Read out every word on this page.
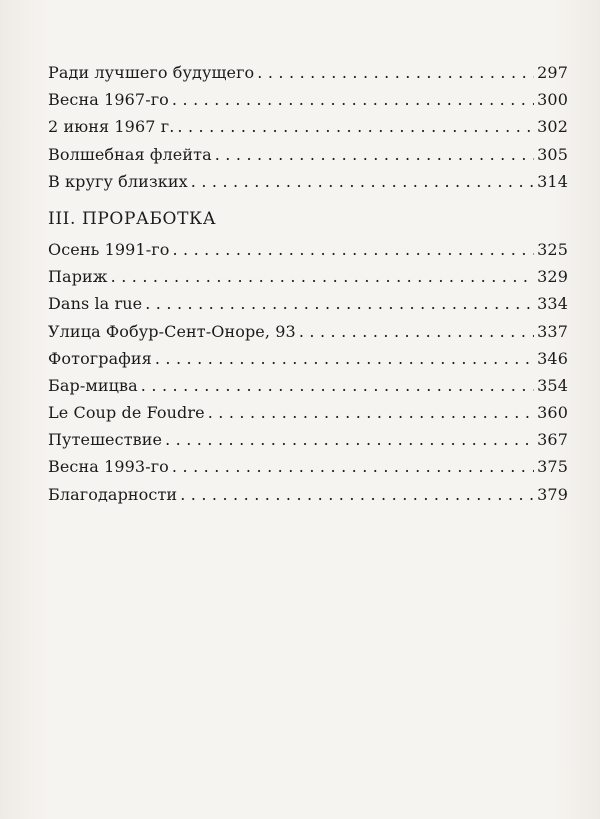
Ради лучшего будущего . . .	297
Весна 1967-го . . .	300
2 июня 1967 г. . . .	302
Волшебная флейта . . .	305
В кругу близких . . .	314
III. ПРОРАБОТКА
Осень 1991-го . . .	325
Париж . . .	329
Dans la rue . . .	334
Улица Фобур-Сент-Оноре, 93 . . .	337
Фотография . . .	346
Бар-мицва . . .	354
Le Coup de Foudre . . .	360
Путешествие . . .	367
Весна 1993-го . . .	375
Благодарности . . .	379
